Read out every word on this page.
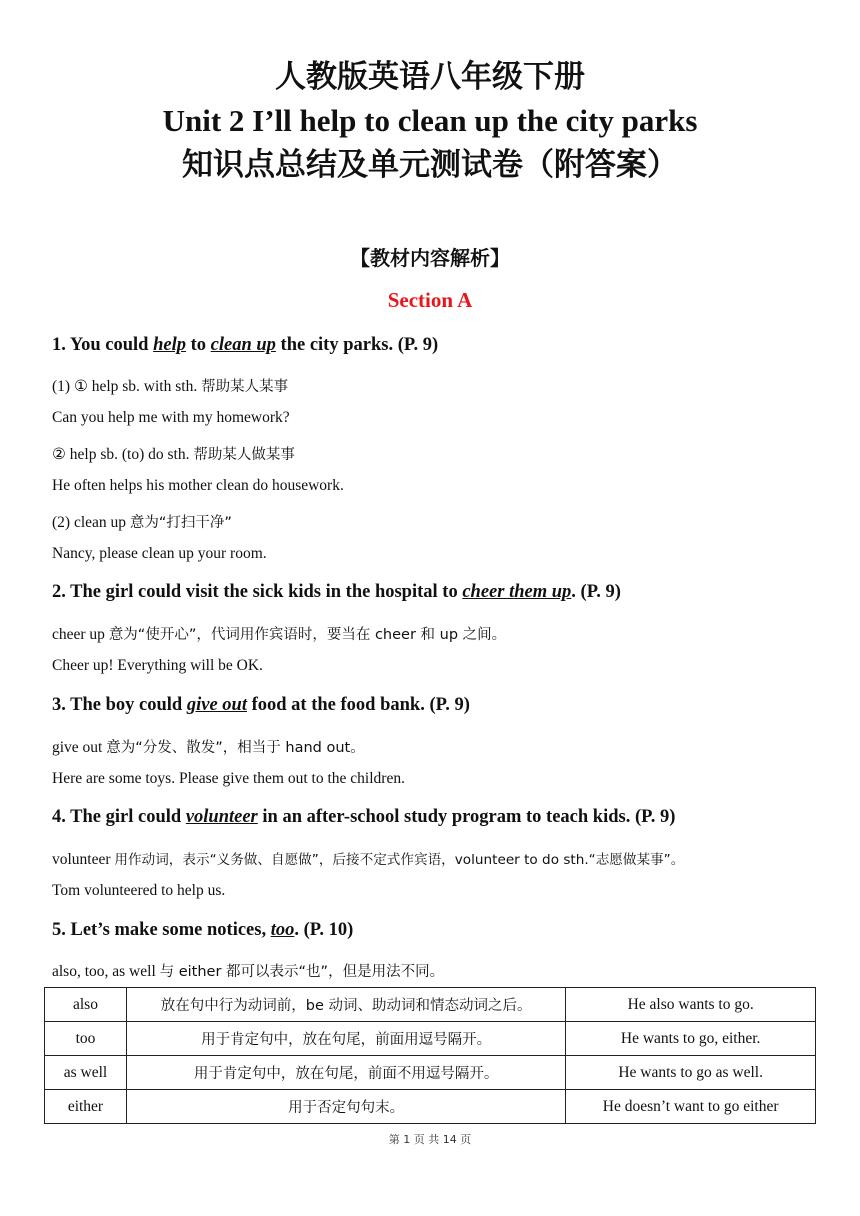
人教版英语八年级下册
Unit 2 I’ll help to clean up the city parks
知识点总结及单元测试卷（附答案）
【教材内容解析】
Section A
1. You could help to clean up the city parks. (P. 9)
(1) ① help sb. with sth. 帮助某人某事
Can you help me with my homework?
② help sb. (to) do sth. 帮助某人做某事
He often helps his mother clean do housework.
(2) clean up 意为“打扫干净”
Nancy, please clean up your room.
2. The girl could visit the sick kids in the hospital to cheer them up. (P. 9)
cheer up 意为“使开心”，代词用作宾语时，要当在 cheer 和 up 之间。
Cheer up! Everything will be OK.
3. The boy could give out food at the food bank. (P. 9)
give out 意为“分发、散发”，相当于 hand out。
Here are some toys. Please give them out to the children.
4. The girl could volunteer in an after-school study program to teach kids. (P. 9)
volunteer 用作动词，表示“义务做、自愿做”，后接不定式作宾语，volunteer to do sth.“志愿做某事”。
Tom volunteered to help us.
5. Let’s make some notices, too. (P. 10)
also, too, as well 与 either 都可以表示“也”，但是用法不同。
also	放在句中行为动词前，be 动词、助动词和情态动词之后。	He also wants to go.
too	用于肯定句中，放在句尾，前面用逗号隔开。	He wants to go, either.
as well	用于肯定句中，放在句尾，前面不用逗号隔开。	He wants to go as well.
either	用于否定句句末。	He doesn’t want to go either
第 1 页 共 14 页
